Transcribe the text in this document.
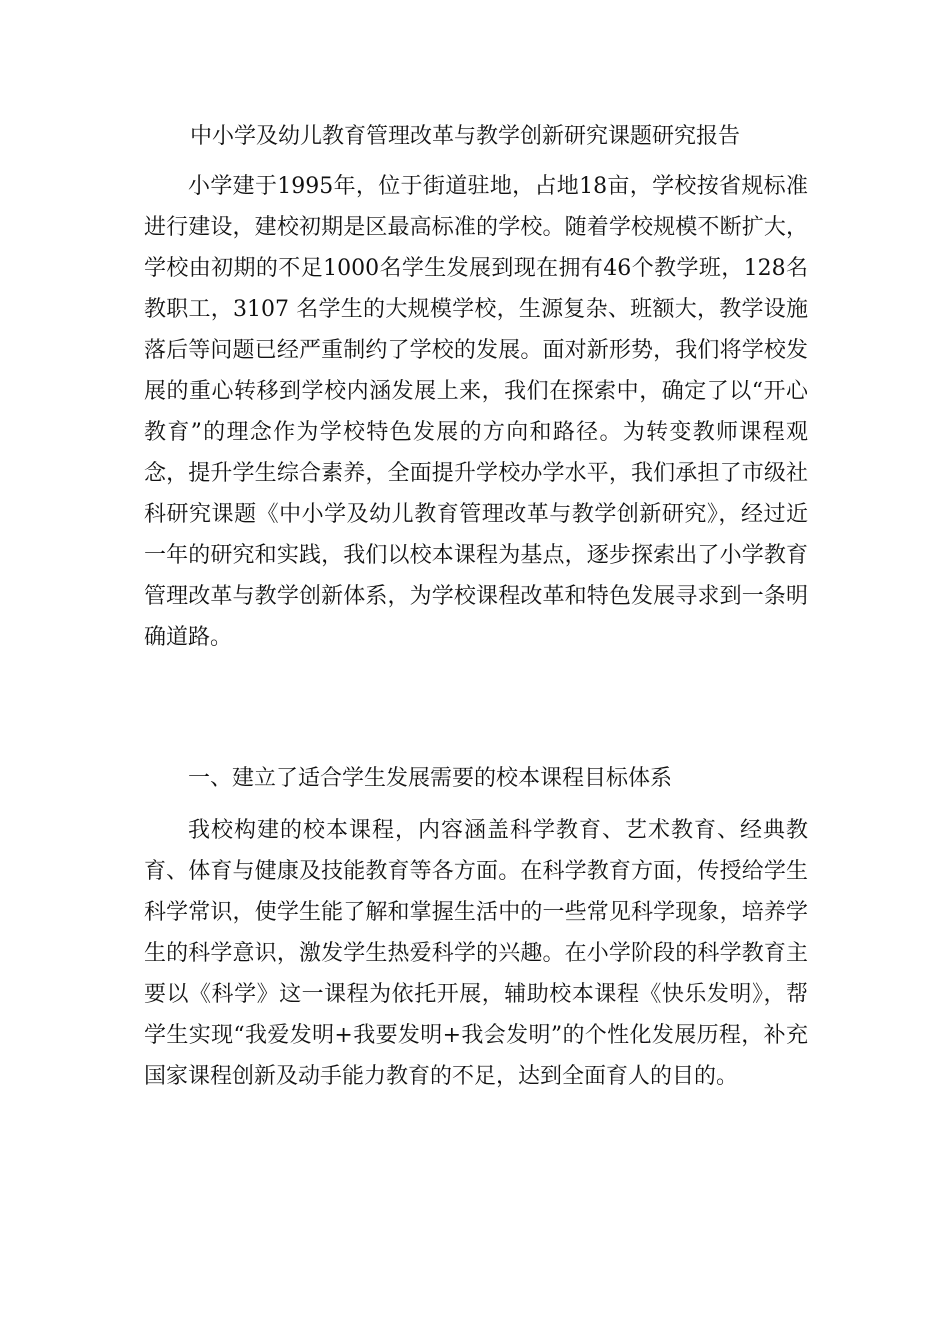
中小学及幼儿教育管理改革与教学创新研究课题研究报告

小学建于1995年，位于街道驻地，占地18亩，学校按省规标准进行建设，建校初期是区最高标准的学校。随着学校规模不断扩大，学校由初期的不足1000名学生发展到现在拥有46个教学班，128名教职工，3107 名学生的大规模学校，生源复杂、班额大，教学设施落后等问题已经严重制约了学校的发展。面对新形势，我们将学校发展的重心转移到学校内涵发展上来，我们在探索中，确定了以“开心教育”的理念作为学校特色发展的方向和路径。为转变教师课程观念，提升学生综合素养，全面提升学校办学水平，我们承担了市级社科研究课题《中小学及幼儿教育管理改革与教学创新研究》，经过近一年的研究和实践，我们以校本课程为基点，逐步探索出了小学教育管理改革与教学创新体系，为学校课程改革和特色发展寻求到一条明确道路。

一、建立了适合学生发展需要的校本课程目标体系

我校构建的校本课程，内容涵盖科学教育、艺术教育、经典教育、体育与健康及技能教育等各方面。在科学教育方面，传授给学生科学常识，使学生能了解和掌握生活中的一些常见科学现象，培养学生的科学意识，激发学生热爱科学的兴趣。在小学阶段的科学教育主要以《科学》这一课程为依托开展，辅助校本课程《快乐发明》，帮学生实现“我爱发明+我要发明+我会发明”的个性化发展历程，补充国家课程创新及动手能力教育的不足，达到全面育人的目的。
